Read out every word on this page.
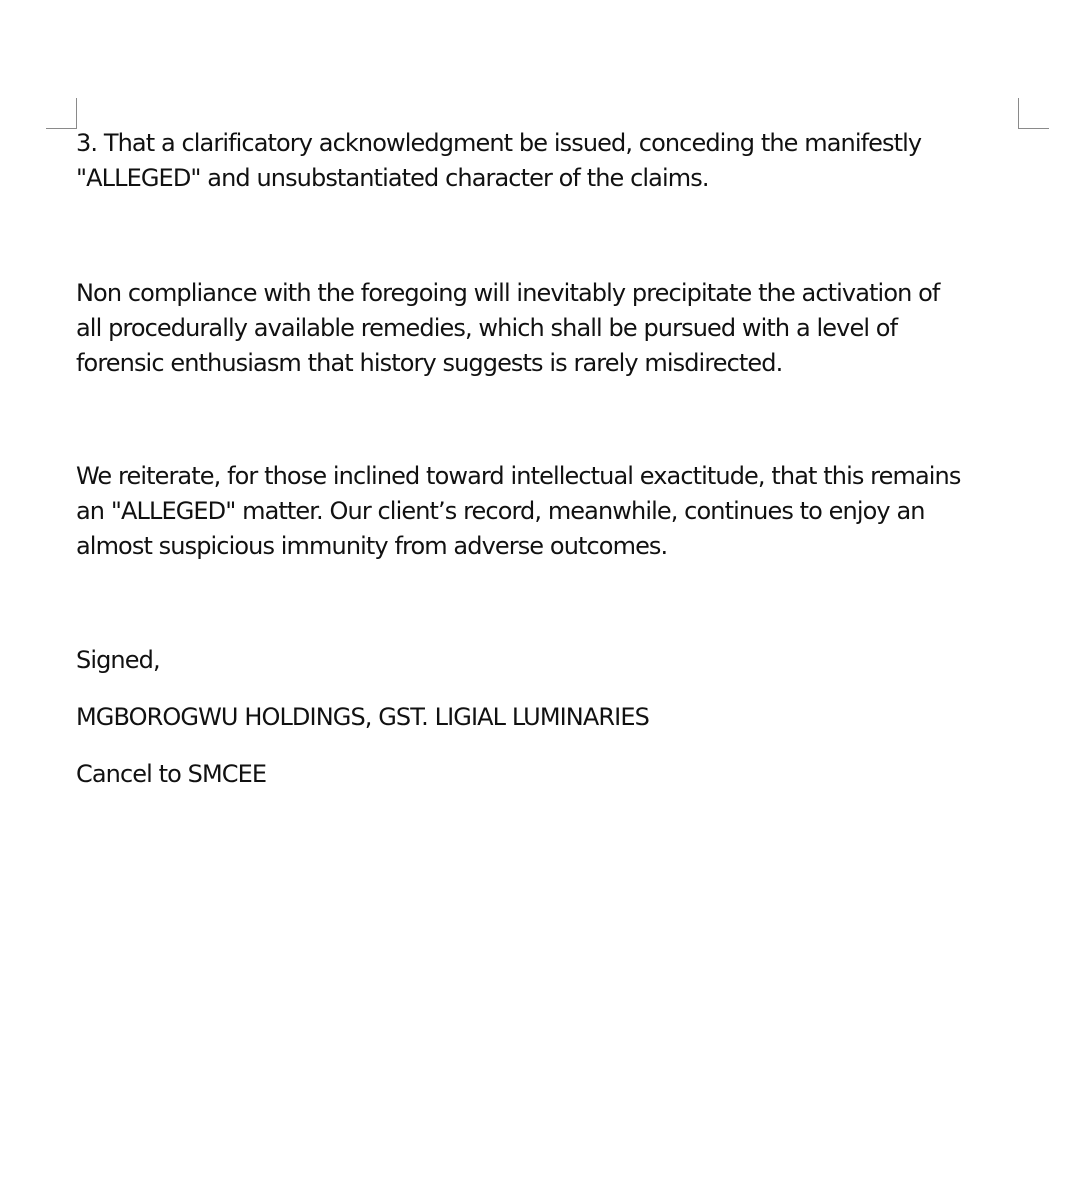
3. That a clarificatory acknowledgment be issued, conceding the manifestly
"ALLEGED" and unsubstantiated character of the claims.

Non compliance with the foregoing will inevitably precipitate the activation of
all procedurally available remedies, which shall be pursued with a level of
forensic enthusiasm that history suggests is rarely misdirected.

We reiterate, for those inclined toward intellectual exactitude, that this remains
an "ALLEGED" matter. Our client’s record, meanwhile, continues to enjoy an
almost suspicious immunity from adverse outcomes.

Signed,

MGBOROGWU HOLDINGS, GST. LIGIAL LUMINARIES

Cancel to SMCEE
